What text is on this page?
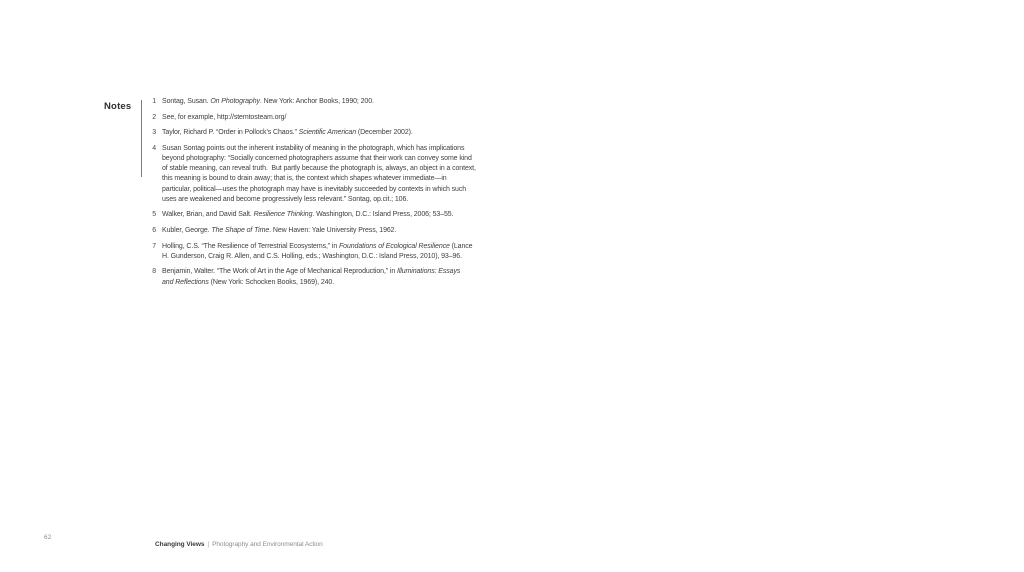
Notes	1 Sontag, Susan. On Photography. New York: Anchor Books, 1990; 200.
2 See, for example, http://stemtosteam.org/
3 Taylor, Richard P. “Order in Pollock’s Chaos.” Scientific American (December 2002).
4 Susan Sontag points out the inherent instability of meaning in the photograph, which has implications
beyond photography: “Socially concerned photographers assume that their work can convey some kind
of stable meaning, can reveal truth.  But partly because the photograph is, always, an object in a context,
this meaning is bound to drain away; that is, the context which shapes whatever immediate—in
particular, political—uses the photograph may have is inevitably succeeded by contexts in which such
uses are weakened and become progressively less relevant.” Sontag, op.cit.; 106.
5 Walker, Brian, and David Salt. Resilience Thinking. Washington, D.C.: Island Press, 2006; 53–55.
6 Kubler, George. The Shape of Time. New Haven: Yale University Press, 1962.
7 Holling, C.S. “The Resilience of Terrestrial Ecosystems,” in Foundations of Ecological Resilience (Lance
H. Gunderson, Craig R. Allen, and C.S. Holling, eds.; Washington, D.C.: Island Press, 2010), 93–96.
8 Benjamin, Walter. “The Work of Art in the Age of Mechanical Reproduction,” in Illuminations: Essays
and Reflections (New York: Schocken Books, 1969), 240.
62

Changing Views | Photography and Environmental Action
